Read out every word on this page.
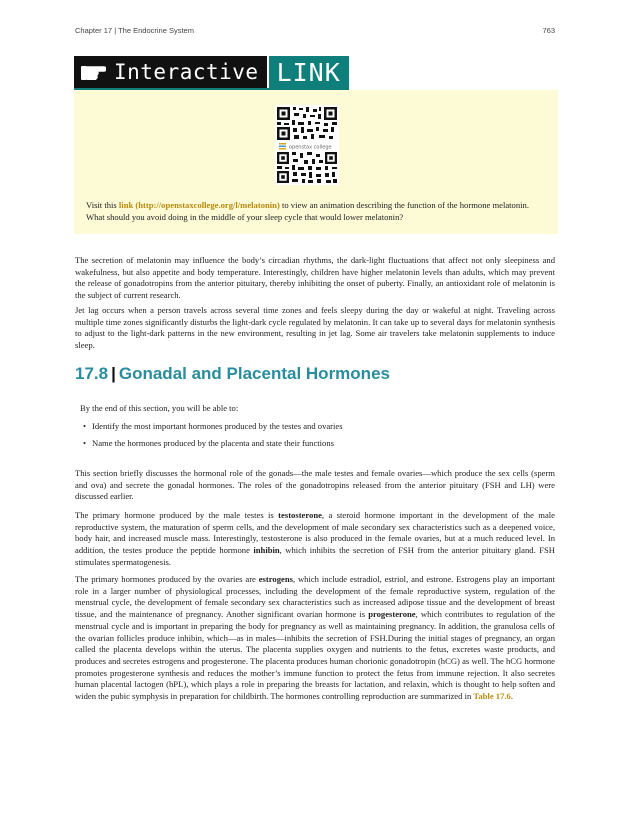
Chapter 17 | The Endocrine System	763
Interactive LINK
openstax college

Visit this link (http://openstaxcollege.org/l/melatonin) to view an animation describing the function of the hormone melatonin. What should you avoid doing in the middle of your sleep cycle that would lower melatonin?

The secretion of melatonin may influence the body’s circadian rhythms, the dark-light fluctuations that affect not only sleepiness and wakefulness, but also appetite and body temperature. Interestingly, children have higher melatonin levels than adults, which may prevent the release of gonadotropins from the anterior pituitary, thereby inhibiting the onset of puberty. Finally, an antioxidant role of melatonin is the subject of current research.

Jet lag occurs when a person travels across several time zones and feels sleepy during the day or wakeful at night. Traveling across multiple time zones significantly disturbs the light-dark cycle regulated by melatonin. It can take up to several days for melatonin synthesis to adjust to the light-dark patterns in the new environment, resulting in jet lag. Some air travelers take melatonin supplements to induce sleep.

17.8 | Gonadal and Placental Hormones
By the end of this section, you will be able to:
• Identify the most important hormones produced by the testes and ovaries
• Name the hormones produced by the placenta and state their functions

This section briefly discusses the hormonal role of the gonads—the male testes and female ovaries—which produce the sex cells (sperm and ova) and secrete the gonadal hormones. The roles of the gonadotropins released from the anterior pituitary (FSH and LH) were discussed earlier.

The primary hormone produced by the male testes is testosterone, a steroid hormone important in the development of the male reproductive system, the maturation of sperm cells, and the development of male secondary sex characteristics such as a deepened voice, body hair, and increased muscle mass. Interestingly, testosterone is also produced in the female ovaries, but at a much reduced level. In addition, the testes produce the peptide hormone inhibin, which inhibits the secretion of FSH from the anterior pituitary gland. FSH stimulates spermatogenesis.

The primary hormones produced by the ovaries are estrogens, which include estradiol, estriol, and estrone. Estrogens play an important role in a larger number of physiological processes, including the development of the female reproductive system, regulation of the menstrual cycle, the development of female secondary sex characteristics such as increased adipose tissue and the development of breast tissue, and the maintenance of pregnancy. Another significant ovarian hormone is progesterone, which contributes to regulation of the menstrual cycle and is important in preparing the body for pregnancy as well as maintaining pregnancy. In addition, the granulosa cells of the ovarian follicles produce inhibin, which—as in males—inhibits the secretion of FSH.During the initial stages of pregnancy, an organ called the placenta develops within the uterus. The placenta supplies oxygen and nutrients to the fetus, excretes waste products, and produces and secretes estrogens and progesterone. The placenta produces human chorionic gonadotropin (hCG) as well. The hCG hormone promotes progesterone synthesis and reduces the mother’s immune function to protect the fetus from immune rejection. It also secretes human placental lactogen (hPL), which plays a role in preparing the breasts for lactation, and relaxin, which is thought to help soften and widen the pubic symphysis in preparation for childbirth. The hormones controlling reproduction are summarized in Table 17.6.
